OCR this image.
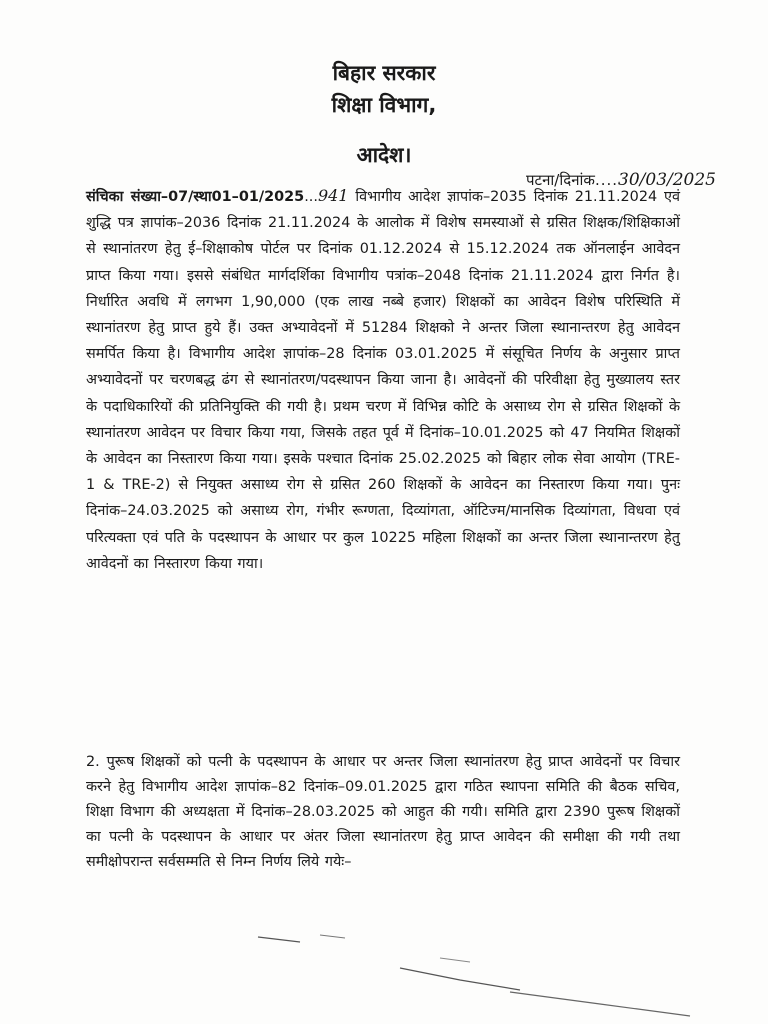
बिहार सरकार
शिक्षा विभाग,
आदेश।
पटना/दिनांक....30/03/2025
संचिका संख्या–07/स्था01–01/2025...941 विभागीय आदेश ज्ञापांक–2035 दिनांक 21.11.2024 एवं शुद्धि पत्र ज्ञापांक–2036 दिनांक 21.11.2024 के आलोक में विशेष समस्याओं से ग्रसित शिक्षक/शिक्षिकाओं से स्थानांतरण हेतु ई–शिक्षाकोष पोर्टल पर दिनांक 01.12.2024 से 15.12.2024 तक ऑनलाईन आवेदन प्राप्त किया गया। इससे संबंधित मार्गदर्शिका विभागीय पत्रांक–2048 दिनांक 21.11.2024 द्वारा निर्गत है। निर्धारित अवधि में लगभग 1,90,000 (एक लाख नब्बे हजार) शिक्षकों का आवेदन विशेष परिस्थिति में स्थानांतरण हेतु प्राप्त हुये हैं। उक्त अभ्यावेदनों में 51284 शिक्षको ने अन्तर जिला स्थानान्तरण हेतु आवेदन समर्पित किया है। विभागीय आदेश ज्ञापांक–28 दिनांक 03.01.2025 में संसूचित निर्णय के अनुसार प्राप्त अभ्यावेदनों पर चरणबद्ध ढंग से स्थानांतरण/पदस्थापन किया जाना है। आवेदनों की परिवीक्षा हेतु मुख्यालय स्तर के पदाधिकारियों की प्रतिनियुक्ति की गयी है। प्रथम चरण में विभिन्न कोटि के असाध्य रोग से ग्रसित शिक्षकों के स्थानांतरण आवेदन पर विचार किया गया, जिसके तहत पूर्व में दिनांक–10.01.2025 को 47 नियमित शिक्षकों के आवेदन का निस्तारण किया गया। इसके पश्चात दिनांक 25.02.2025 को बिहार लोक सेवा आयोग (TRE-1 & TRE-2) से नियुक्त असाध्य रोग से ग्रसित 260 शिक्षकों के आवेदन का निस्तारण किया गया। पुनः दिनांक–24.03.2025 को असाध्य रोग, गंभीर रूग्णता, दिव्यांगता, ऑटिज्म/मानसिक दिव्यांगता, विधवा एवं परित्यक्ता एवं पति के पदस्थापन के आधार पर कुल 10225 महिला शिक्षकों का अन्तर जिला स्थानान्तरण हेतु आवेदनों का निस्तारण किया गया।
2. पुरूष शिक्षकों को पत्नी के पदस्थापन के आधार पर अन्तर जिला स्थानांतरण हेतु प्राप्त आवेदनों पर विचार करने हेतु विभागीय आदेश ज्ञापांक–82 दिनांक–09.01.2025 द्वारा गठित स्थापना समिति की बैठक सचिव, शिक्षा विभाग की अध्यक्षता में दिनांक–28.03.2025 को आहुत की गयी। समिति द्वारा 2390 पुरूष शिक्षकों का पत्नी के पदस्थापन के आधार पर अंतर जिला स्थानांतरण हेतु प्राप्त आवेदन की समीक्षा की गयी तथा समीक्षोपरान्त सर्वसम्मति से निम्न निर्णय लिये गयेः–
